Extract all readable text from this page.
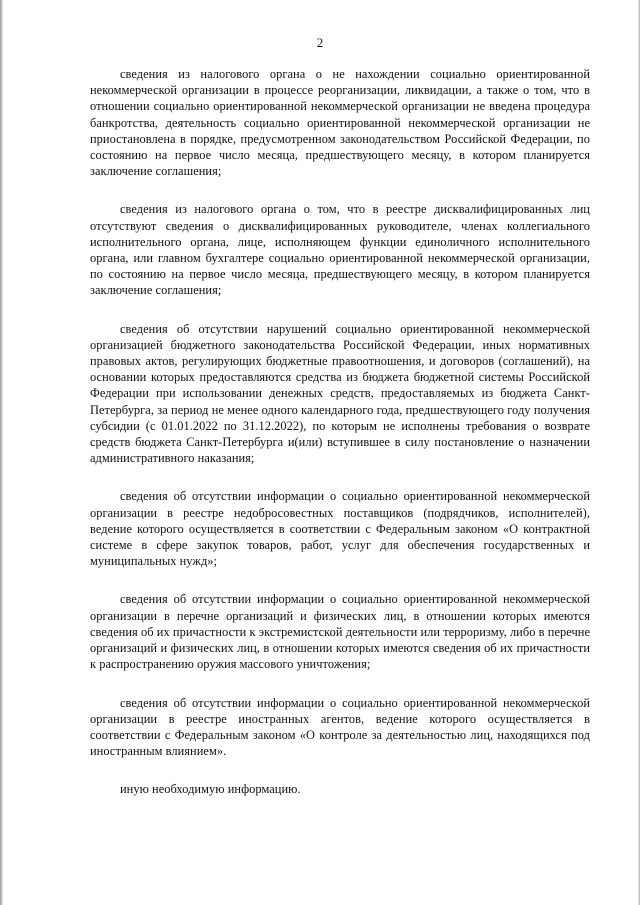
2

сведения из налогового органа о не нахождении социально ориентированной некоммерческой организации в процессе реорганизации, ликвидации, а также о том, что в отношении социально ориентированной некоммерческой организации не введена процедура банкротства, деятельность социально ориентированной некоммерческой организации не приостановлена в порядке, предусмотренном законодательством Российской Федерации, по состоянию на первое число месяца, предшествующего месяцу, в котором планируется заключение соглашения;

сведения из налогового органа о том, что в реестре дисквалифицированных лиц отсутствуют сведения о дисквалифицированных руководителе, членах коллегиального исполнительного органа, лице, исполняющем функции единоличного исполнительного органа, или главном бухгалтере социально ориентированной некоммерческой организации, по состоянию на первое число месяца, предшествующего месяцу, в котором планируется заключение соглашения;

сведения об отсутствии нарушений социально ориентированной некоммерческой организацией бюджетного законодательства Российской Федерации, иных нормативных правовых актов, регулирующих бюджетные правоотношения, и договоров (соглашений), на основании которых предоставляются средства из бюджета бюджетной системы Российской Федерации при использовании денежных средств, предоставляемых из бюджета Санкт-Петербурга, за период не менее одного календарного года, предшествующего году получения субсидии (с 01.01.2022 по 31.12.2022), по которым не исполнены требования о возврате средств бюджета Санкт-Петербурга и(или) вступившее в силу постановление о назначении административного наказания;

сведения об отсутствии информации о социально ориентированной некоммерческой организации в реестре недобросовестных поставщиков (подрядчиков, исполнителей), ведение которого осуществляется в соответствии с Федеральным законом «О контрактной системе в сфере закупок товаров, работ, услуг для обеспечения государственных и муниципальных нужд»;

сведения об отсутствии информации о социально ориентированной некоммерческой организации в перечне организаций и физических лиц, в отношении которых имеются сведения об их причастности к экстремистской деятельности или терроризму, либо в перечне организаций и физических лиц, в отношении которых имеются сведения об их причастности к распространению оружия массового уничтожения;

сведения об отсутствии информации о социально ориентированной некоммерческой организации в реестре иностранных агентов, ведение которого осуществляется в соответствии с Федеральным законом «О контроле за деятельностью лиц, находящихся под иностранным влиянием».

иную необходимую информацию.
